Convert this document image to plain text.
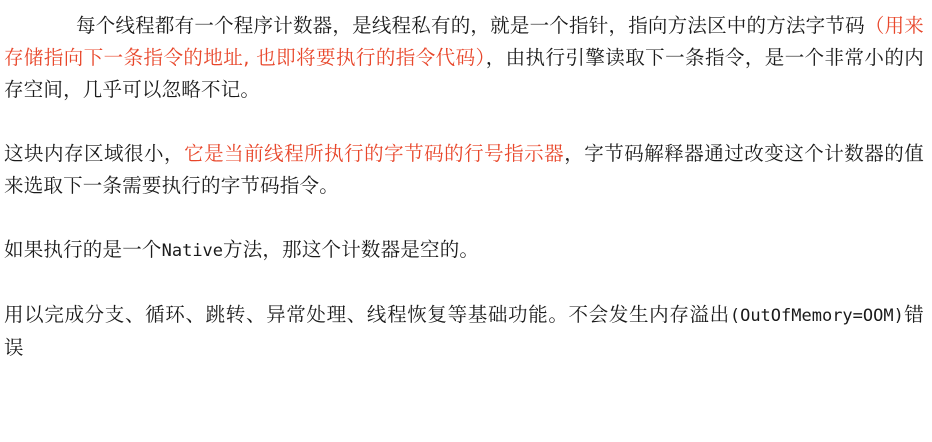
每个线程都有一个程序计数器，是线程私有的，就是一个指针，指向方法区中的方法字节码（用来存储指向下一条指令的地址, 也即将要执行的指令代码），由执行引擎读取下一条指令，是一个非常小的内存空间，几乎可以忽略不记。

这块内存区域很小，它是当前线程所执行的字节码的行号指示器，字节码解释器通过改变这个计数器的值来选取下一条需要执行的字节码指令。

如果执行的是一个Native方法，那这个计数器是空的。

用以完成分支、循环、跳转、异常处理、线程恢复等基础功能。不会发生内存溢出(OutOfMemory=OOM)错误
